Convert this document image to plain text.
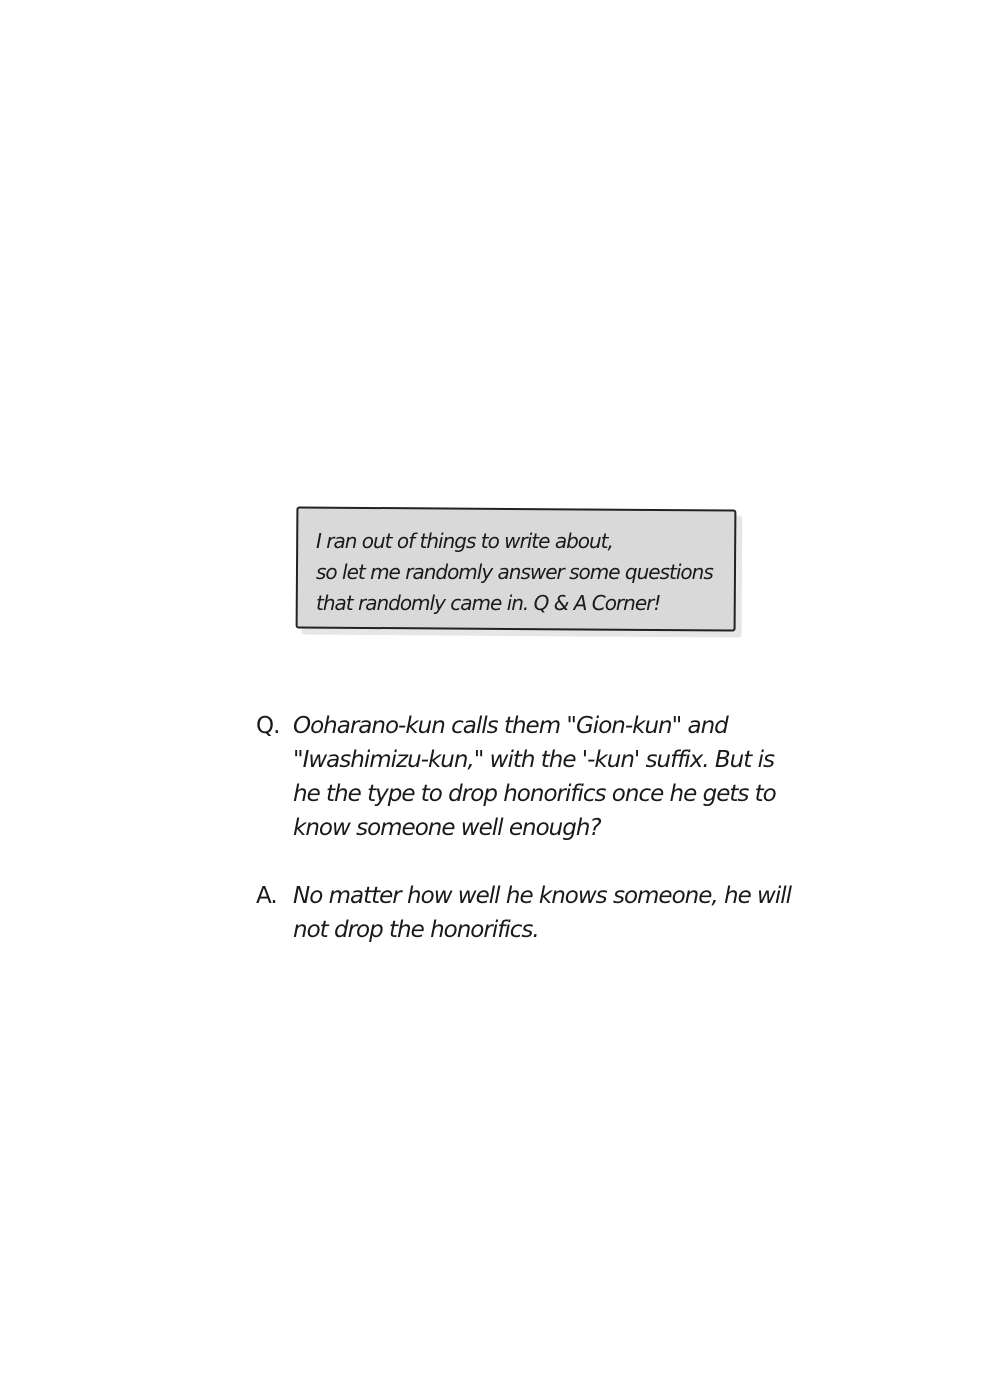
I ran out of things to write about,
so let me randomly answer some questions
that randomly came in. Q & A Corner!
Q. Ooharano-kun calls them "Gion-kun" and
"Iwashimizu-kun," with the '-kun' suffix. But is
he the type to drop honorifics once he gets to
know someone well enough?
A. No matter how well he knows someone, he will
not drop the honorifics.
